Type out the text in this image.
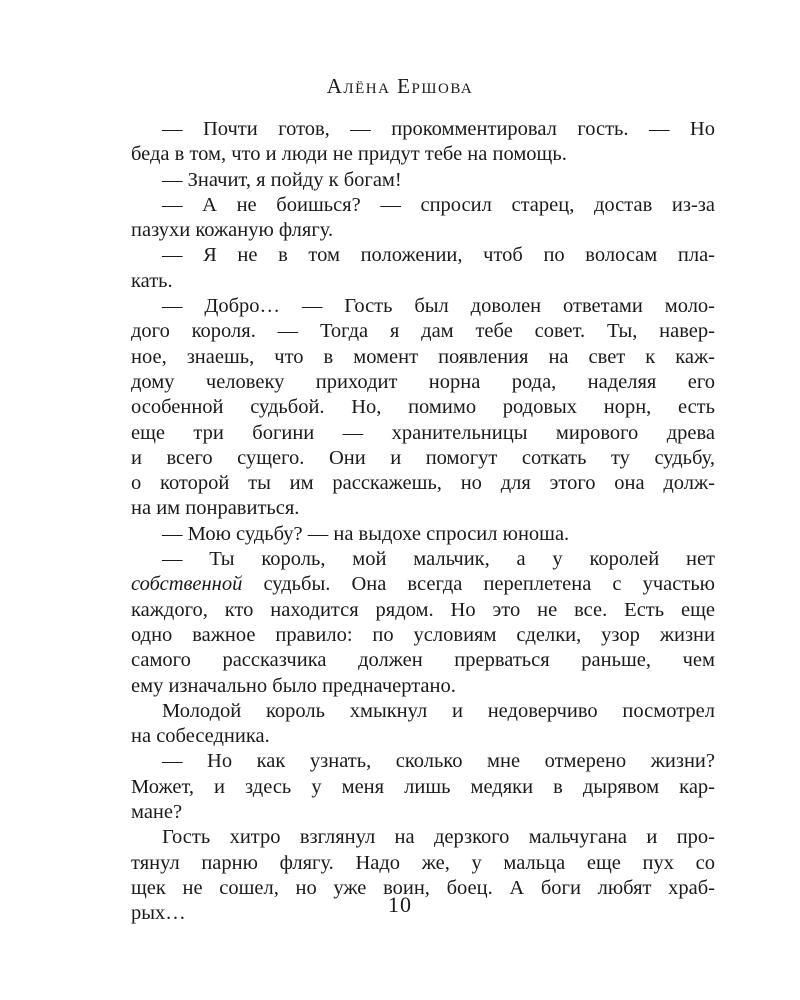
Алёна Ершова
— Почти готов, — прокомментировал гость. — Но
беда в том, что и люди не придут тебе на помощь.
— Значит, я пойду к богам!
— А не боишься? — спросил старец, достав из-за
пазухи кожаную флягу.
— Я не в том положении, чтоб по волосам пла-
кать.
— Добро… — Гость был доволен ответами моло-
дого короля. — Тогда я дам тебе совет. Ты, навер-
ное, знаешь, что в момент появления на свет к каж-
дому человеку приходит норна рода, наделяя его
особенной судьбой. Но, помимо родовых норн, есть
еще три богини — хранительницы мирового древа
и всего сущего. Они и помогут соткать ту судьбу,
о которой ты им расскажешь, но для этого она долж-
на им понравиться.
— Мою судьбу? — на выдохе спросил юноша.
— Ты король, мой мальчик, а у королей нет
собственной судьбы. Она всегда переплетена с участью
каждого, кто находится рядом. Но это не все. Есть еще
одно важное правило: по условиям сделки, узор жизни
самого рассказчика должен прерваться раньше, чем
ему изначально было предначертано.
Молодой король хмыкнул и недоверчиво посмотрел
на собеседника.
— Но как узнать, сколько мне отмерено жизни?
Может, и здесь у меня лишь медяки в дырявом кар-
мане?
Гость хитро взглянул на дерзкого мальчугана и про-
тянул парню флягу. Надо же, у мальца еще пух со
щек не сошел, но уже воин, боец. А боги любят храб-
рых…	10
